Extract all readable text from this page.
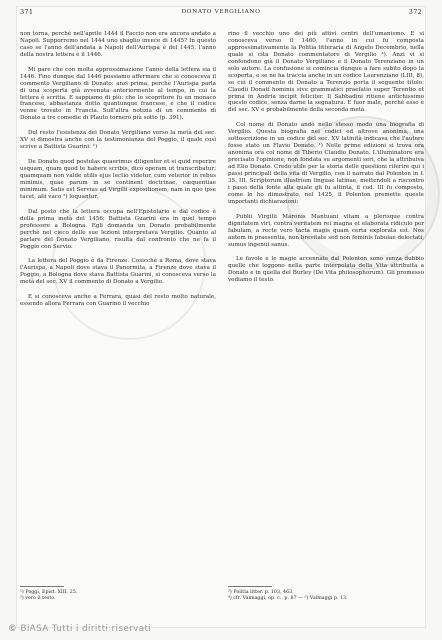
371	DONATO VERGILIANO	372

non torna, perchè nell'aprile 1444 il Faccio non era ancora andato a Napoli. Supporremo nel 1444 uno sbaglio invece di 1445? In questo caso se l'anno dell'andata a Napoli dell'Aurispa è del 1445, l'anno della nostra lettera è il 1446.

Mi pare che con molta approssimazione l'anno della lettera sia il 1446. Fino dunque dal 1446 possiamo affermare che si conosceva il commento Vergiliano di Donato: anzi prima, perchè l'Aurispa parla di una scoperta già avvenuta anteriormente al tempo, in cui la lettera è scritta. E sappiamo di più: che lo scopritore fu un monaco francese, abbastanza dotto quantunque francese, e che il codice venne trovato in Francia. Sull'altra notizia di un commento di Donato a tre comedie di Plauto tornerò più sotto (p. 391).

Del resto l'esistenza dei Donato Vergiliano verso la metà del sec. XV si dimostra anche con la testimonianza del Poggio, il quale così scrive a Battista Guarini: ¹)

De Donato quod postulas quaerimus diligenter et si quid reperire usquam, quam quod te habere scribis, dico operam ut transcribatur; quamquam non valde utilis ejus lectio videtur, cum veterior in rebus minimis, quae parum in se continent doctrinae, cæquentiae minimum. Satis est Servius ad Virgilii expositionem, nam in quo ipse tacet, alii vaco ²) loquantur.

Dal posto che la lettera occupa nell'Epistolario e dal codice è della prima metà del 1456; Battista Guarini era in quel tempo professore a Bologna. Egli domanda un Donato probabilmente perchè nel cieco delle sue lezioni interpretava Vergilio. Quanto al parlare del Donato Vergiliano, risulta dal confronto che ne fa il Poggio con Servio.

La lettera del Poggio è da Firenze. Cosicchè a Roma, dove stava l'Aurispa, a Napoli dove stava il Panormita, a Firenze dove stava il Poggio, a Bologna dove stava Battista Guarini, si conosceva verso la metà del sec. XV il commento di Donato a Vergilio.

E si conosceva anche a Ferrara, quasi del resto molto naturale, essendo allora Ferrara con Guarino il vecchio

rino il vecchio uno dei più attivi centri dell'umanismo. E si conosceva verso il 1460, l'anno in cui fu composta approssimativamente la Politia litteraria di Angelo Decembrio, nella quale si cita Donato commentatore di Vergilio ³). Anzi vi si confondono già il Donato Vergiliano e il Donato Terenziano in un solo autore. La confusione si comincia dunque a fare subito dopo la scoperta, e se ne ha traccia anche in un codice Laurenziano (LIII, 8), se cui il commento di Donato a Terenzio porta il seguente titolo: Claudii Donati hominis sive grammatici praefatio super Terentio et prima in Andria incipit feliciter. Il Sabbadini ritiene antichissimo questo codice, senza darne la segnatura. E fuor male, perchè esso è del sec. XV e probabilmente della seconda metà.

Col nome di Donato andò nello stesso modo una biografia di Vergilio. Questa biografia nei codici ed altrove anonima, una sottoscrizione in un codice del sec. XV latinità indicava che l'autore fosse stato un Flavio Donato. ¹) Nelle prime edizioni si trova ora anonima ora col nome di Tiberio Claudio Donato. L'illuminatore era precisato l'opinione, non fondata su argomenti seri, che la attribuiva ad Elio Donato. Credo utile per la storia delle questioni riferire qui i passi principali della vita di Vergilio, con il narrato dal Polenton in f. 35. III. Scriptorum illustrium linguae latinae, mettendoli a riscontro i passi della fonte alla quale gli fu attinta, il cod. III fu composto, come lo ho dimostrato, nel 1425, il Polenton premette queste importanti dichiarazioni:

Publii Virgilii Maronis Mantuani vitam a plerisque contra dignitatem viri, contra veritatem rei magna et elaborata ridiculo per fabulam, a recte vero tacta magis quam certa explorata est. Nos autem in praesentia, non brevitate sed non feminis fabulae delectati, sumus ingenui sanus.

Le favole e le magie accennate dal Polenton sono senza dubbio quelle che leggono nella parte interpolata della Vita attribuita a Donato e in quella del Burley (De Vita philosophorum). Gli promesso vediamo il testo.

¹) Poggi, Epist. XIII, 25.
²) vero il testo.
³) Politia litter. p. 103, 463.
⁴) cfr. Valmaggi, op. c., p. 87 — ⁵) Valmaggi p. 13.
© BiASA Tutti i diritti riservati
